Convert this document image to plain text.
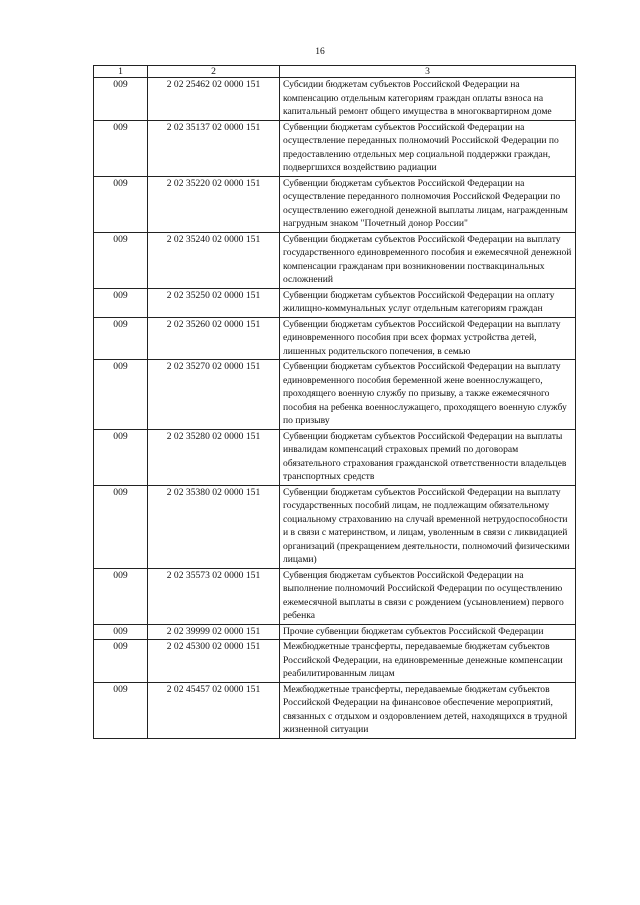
16
1	2	3
009	2 02 25462 02 0000 151	Субсидии бюджетам субъектов Российской Федерации на компенсацию отдельным категориям граждан оплаты взноса на капитальный ремонт общего имущества в многоквартирном доме
009	2 02 35137 02 0000 151	Субвенции бюджетам субъектов Российской Федерации на осуществление переданных полномочий Российской Федерации по предоставлению отдельных мер социальной поддержки граждан, подвергшихся воздействию радиации
009	2 02 35220 02 0000 151	Субвенции бюджетам субъектов Российской Федерации на осуществление переданного полномочия Российской Федерации по осуществлению ежегодной денежной выплаты лицам, награжденным нагрудным знаком "Почетный донор России"
009	2 02 35240 02 0000 151	Субвенции бюджетам субъектов Российской Федерации на выплату государственного единовременного пособия и ежемесячной денежной компенсации гражданам при возникновении поствакцинальных осложнений
009	2 02 35250 02 0000 151	Субвенции бюджетам субъектов Российской Федерации на оплату жилищно-коммунальных услуг отдельным категориям граждан
009	2 02 35260 02 0000 151	Субвенции бюджетам субъектов Российской Федерации на выплату единовременного пособия при всех формах устройства детей, лишенных родительского попечения, в семью
009	2 02 35270 02 0000 151	Субвенции бюджетам субъектов Российской Федерации на выплату единовременного пособия беременной жене военнослужащего, проходящего военную службу по призыву, а также ежемесячного пособия на ребенка военнослужащего, проходящего военную службу по призыву
009	2 02 35280 02 0000 151	Субвенции бюджетам субъектов Российской Федерации на выплаты инвалидам компенсаций страховых премий по договорам обязательного страхования гражданской ответственности владельцев транспортных средств
009	2 02 35380 02 0000 151	Субвенции бюджетам субъектов Российской Федерации на выплату государственных пособий лицам, не подлежащим обязательному социальному страхованию на случай временной нетрудоспособности и в связи с материнством, и лицам, уволенным в связи с ликвидацией организаций (прекращением деятельности, полномочий физическими лицами)
009	2 02 35573 02 0000 151	Субвенция бюджетам субъектов Российской Федерации на выполнение полномочий Российской Федерации по осуществлению ежемесячной выплаты в связи с рождением (усыновлением) первого ребенка
009	2 02 39999 02 0000 151	Прочие субвенции бюджетам субъектов Российской Федерации
009	2 02 45300 02 0000 151	Межбюджетные трансферты, передаваемые бюджетам субъектов Российской Федерации, на единовременные денежные компенсации реабилитированным лицам
009	2 02 45457 02 0000 151	Межбюджетные трансферты, передаваемые бюджетам субъектов Российской Федерации на финансовое обеспечение мероприятий, связанных с отдыхом и оздоровлением детей, находящихся в трудной жизненной ситуации
